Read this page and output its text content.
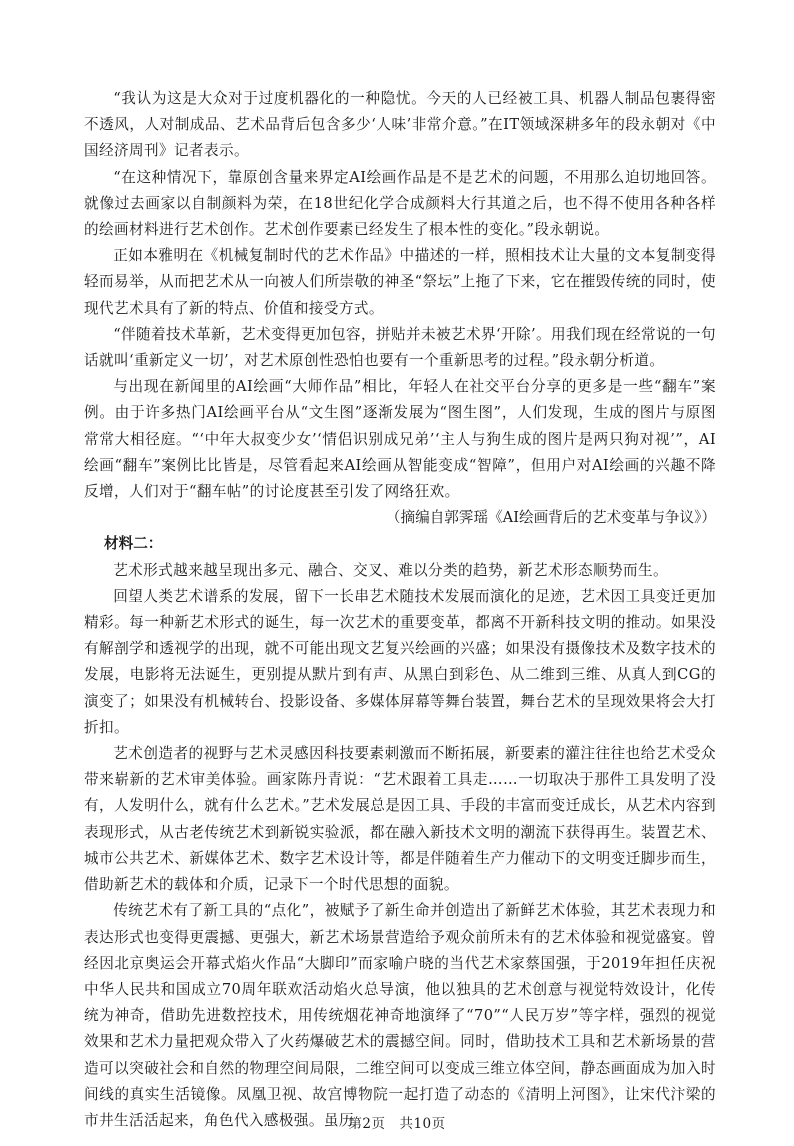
“我认为这是大众对于过度机器化的一种隐忧。今天的人已经被工具、机器人制品包裹得密不透风，人对制成品、艺术品背后包含多少‘人味’非常介意。”在IT领域深耕多年的段永朝对《中国经济周刊》记者表示。

“在这种情况下，靠原创含量来界定AI绘画作品是不是艺术的问题，不用那么迫切地回答。就像过去画家以自制颜料为荣，在18世纪化学合成颜料大行其道之后，也不得不使用各种各样的绘画材料进行艺术创作。艺术创作要素已经发生了根本性的变化。”段永朝说。

正如本雅明在《机械复制时代的艺术作品》中描述的一样，照相技术让大量的文本复制变得轻而易举，从而把艺术从一向被人们所崇敬的神圣“祭坛”上拖了下来，它在摧毁传统的同时，使现代艺术具有了新的特点、价值和接受方式。

“伴随着技术革新，艺术变得更加包容，拼贴并未被艺术界‘开除’。用我们现在经常说的一句话就叫‘重新定义一切’，对艺术原创性恐怕也要有一个重新思考的过程。”段永朝分析道。

与出现在新闻里的AI绘画“大师作品”相比，年轻人在社交平台分享的更多是一些“翻车”案例。由于许多热门AI绘画平台从“文生图”逐渐发展为“图生图”，人们发现，生成的图片与原图常常大相径庭。“‘中年大叔变少女’‘情侣识别成兄弟’‘主人与狗生成的图片是两只狗对视’”，AI绘画“翻车”案例比比皆是，尽管看起来AI绘画从智能变成“智障”，但用户对AI绘画的兴趣不降反增，人们对于“翻车帖”的讨论度甚至引发了网络狂欢。

（摘编自郭霁瑶《AI绘画背后的艺术变革与争议》）

材料二：

艺术形式越来越呈现出多元、融合、交叉、难以分类的趋势，新艺术形态顺势而生。

回望人类艺术谱系的发展，留下一长串艺术随技术发展而演化的足迹，艺术因工具变迁更加精彩。每一种新艺术形式的诞生，每一次艺术的重要变革，都离不开新科技文明的推动。如果没有解剖学和透视学的出现，就不可能出现文艺复兴绘画的兴盛；如果没有摄像技术及数字技术的发展，电影将无法诞生，更别提从默片到有声、从黑白到彩色、从二维到三维、从真人到CG的演变了；如果没有机械转台、投影设备、多媒体屏幕等舞台装置，舞台艺术的呈现效果将会大打折扣。

艺术创造者的视野与艺术灵感因科技要素刺激而不断拓展，新要素的灌注往往也给艺术受众带来崭新的艺术审美体验。画家陈丹青说：“艺术跟着工具走……一切取决于那件工具发明了没有，人发明什么，就有什么艺术。”艺术发展总是因工具、手段的丰富而变迁成长，从艺术内容到表现形式，从古老传统艺术到新锐实验派，都在融入新技术文明的潮流下获得再生。装置艺术、城市公共艺术、新媒体艺术、数字艺术设计等，都是伴随着生产力催动下的文明变迁脚步而生，借助新艺术的载体和介质，记录下一个时代思想的面貌。

传统艺术有了新工具的“点化”，被赋予了新生命并创造出了新鲜艺术体验，其艺术表现力和表达形式也变得更震撼、更强大，新艺术场景营造给予观众前所未有的艺术体验和视觉盛宴。曾经因北京奥运会开幕式焰火作品“大脚印”而家喻户晓的当代艺术家蔡国强，于2019年担任庆祝中华人民共和国成立70周年联欢活动焰火总导演，他以独具的艺术创意与视觉特效设计，化传统为神奇，借助先进数控技术，用传统烟花神奇地演绎了“70”“人民万岁”等字样，强烈的视觉效果和艺术力量把观众带入了火药爆破艺术的震撼空间。同时，借助技术工具和艺术新场景的营造可以突破社会和自然的物理空间局限，二维空间可以变成三维立体空间，静态画面成为加入时间线的真实生活镜像。凤凰卫视、故宫博物院一起打造了动态的《清明上河图》，让宋代汴梁的市井生活活起来，角色代入感极强。虽历

第2页　共10页
